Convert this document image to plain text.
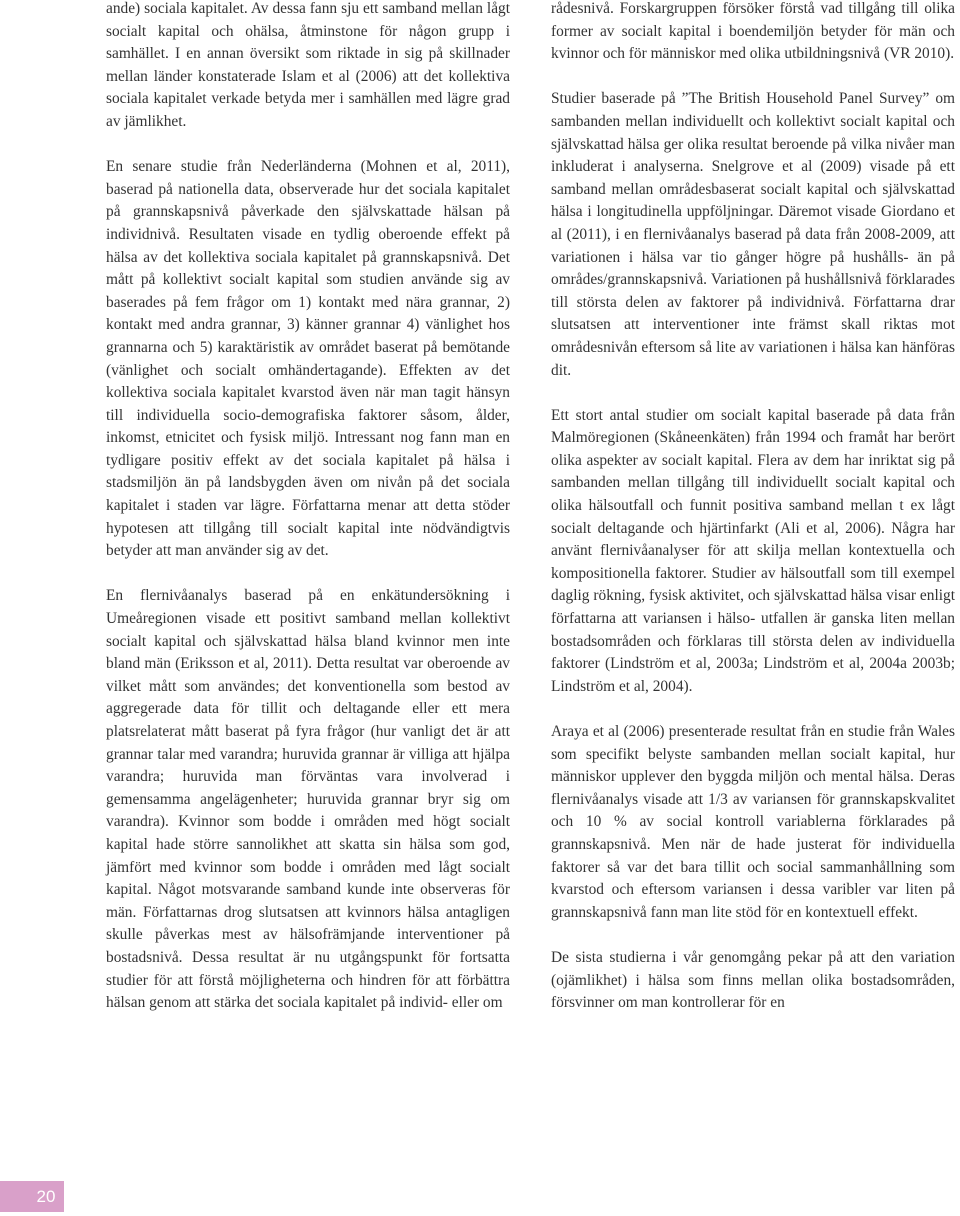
ande) sociala kapitalet. Av dessa fann sju ett samband mellan lågt socialt kapital och ohälsa, åtminstone för någon grupp i samhället. I en annan översikt som riktade in sig på skillnader mellan länder konstaterade Islam et al (2006) att det kollektiva sociala kapitalet verkade betyda mer i samhällen med lägre grad av jämlikhet.

En senare studie från Nederländerna (Mohnen et al, 2011), baserad på nationella data, observerade hur det sociala kapitalet på grannskapsnivå påverkade den självskattade hälsan på individnivå. Resultaten visade en tydlig oberoende effekt på hälsa av det kollektiva sociala kapitalet på grannskapsnivå. Det mått på kollektivt socialt kapital som studien använde sig av baserades på fem frågor om 1) kontakt med nära grannar, 2) kontakt med andra grannar, 3) känner grannar 4) vänlighet hos grannarna och 5) karaktäristik av området baserat på bemötande (vänlighet och socialt omhändertagande). Effekten av det kollektiva sociala kapitalet kvarstod även när man tagit hänsyn till individuella socio-demografiska faktorer såsom, ålder, inkomst, etnicitet och fysisk miljö. Intressant nog fann man en tydligare positiv effekt av det sociala kapitalet på hälsa i stadsmiljön än på landsbygden även om nivån på det sociala kapitalet i staden var lägre. Författarna menar att detta stöder hypotesen att tillgång till socialt kapital inte nödvändigtvis betyder att man använder sig av det.

En flernivåanalys baserad på en enkätundersökning i Umeåregionen visade ett positivt samband mellan kollektivt socialt kapital och självskattad hälsa bland kvinnor men inte bland män (Eriksson et al, 2011). Detta resultat var oberoende av vilket mått som användes; det konventionella som bestod av aggregerade data för tillit och deltagande eller ett mera platsrelaterat mått baserat på fyra frågor (hur vanligt det är att grannar talar med varandra; huruvida grannar är villiga att hjälpa varandra; huruvida man förväntas vara involverad i gemensamma angelägenheter; huruvida grannar bryr sig om varandra). Kvinnor som bodde i områden med högt socialt kapital hade större sannolikhet att skatta sin hälsa som god, jämfört med kvinnor som bodde i områden med lågt socialt kapital. Något motsvarande samband kunde inte observeras för män. Författarnas drog slutsatsen att kvinnors hälsa antagligen skulle påverkas mest av hälsofrämjande interventioner på bostadsnivå. Dessa resultat är nu utgångspunkt för fortsatta studier för att förstå möjligheterna och hindren för att förbättra hälsan genom att stärka det sociala kapitalet på individ- eller om

rådesnivå. Forskargruppen försöker förstå vad tillgång till olika former av socialt kapital i boendemiljön betyder för män och kvinnor och för människor med olika utbildningsnivå (VR 2010).

Studier baserade på ”The British Household Panel Survey” om sambanden mellan individuellt och kollektivt socialt kapital och självskattad hälsa ger olika resultat beroende på vilka nivåer man inkluderat i analyserna. Snelgrove et al (2009) visade på ett samband mellan områdesbaserat socialt kapital och självskattad hälsa i longitudinella uppföljningar. Däremot visade Giordano et al (2011), i en flernivåanalys baserad på data från 2008-2009, att variationen i hälsa var tio gånger högre på hushålls- än på områdes/grannskapsnivå. Variationen på hushållsnivå förklarades till största delen av faktorer på individnivå. Författarna drar slutsatsen att interventioner inte främst skall riktas mot områdesnivån eftersom så lite av variationen i hälsa kan hänföras dit.

Ett stort antal studier om socialt kapital baserade på data från Malmöregionen (Skåneenkäten) från 1994 och framåt har berört olika aspekter av socialt kapital. Flera av dem har inriktat sig på sambanden mellan tillgång till individuellt socialt kapital och olika hälsoutfall och funnit positiva samband mellan t ex lågt socialt deltagande och hjärtinfarkt (Ali et al, 2006). Några har använt flernivåanalyser för att skilja mellan kontextuella och kompositionella faktorer. Studier av hälsoutfall som till exempel daglig rökning, fysisk aktivitet, och självskattad hälsa visar enligt författarna att variansen i hälso- utfallen är ganska liten mellan bostadsområden och förklaras till största delen av individuella faktorer (Lindström et al, 2003a; Lindström et al, 2004a 2003b; Lindström et al, 2004).

Araya et al (2006) presenterade resultat från en studie från Wales som specifikt belyste sambanden mellan socialt kapital, hur människor upplever den byggda miljön och mental hälsa. Deras flernivåanalys visade att 1/3 av variansen för grannskapskvalitet och 10 % av social kontroll variablerna förklarades på grannskapsnivå. Men när de hade justerat för individuella faktorer så var det bara tillit och social sammanhållning som kvarstod och eftersom variansen i dessa varibler var liten på grannskapsnivå fann man lite stöd för en kontextuell effekt.

De sista studierna i vår genomgång pekar på att den variation (ojämlikhet) i hälsa som finns mellan olika bostadsområden, försvinner om man kontrollerar för en

20
